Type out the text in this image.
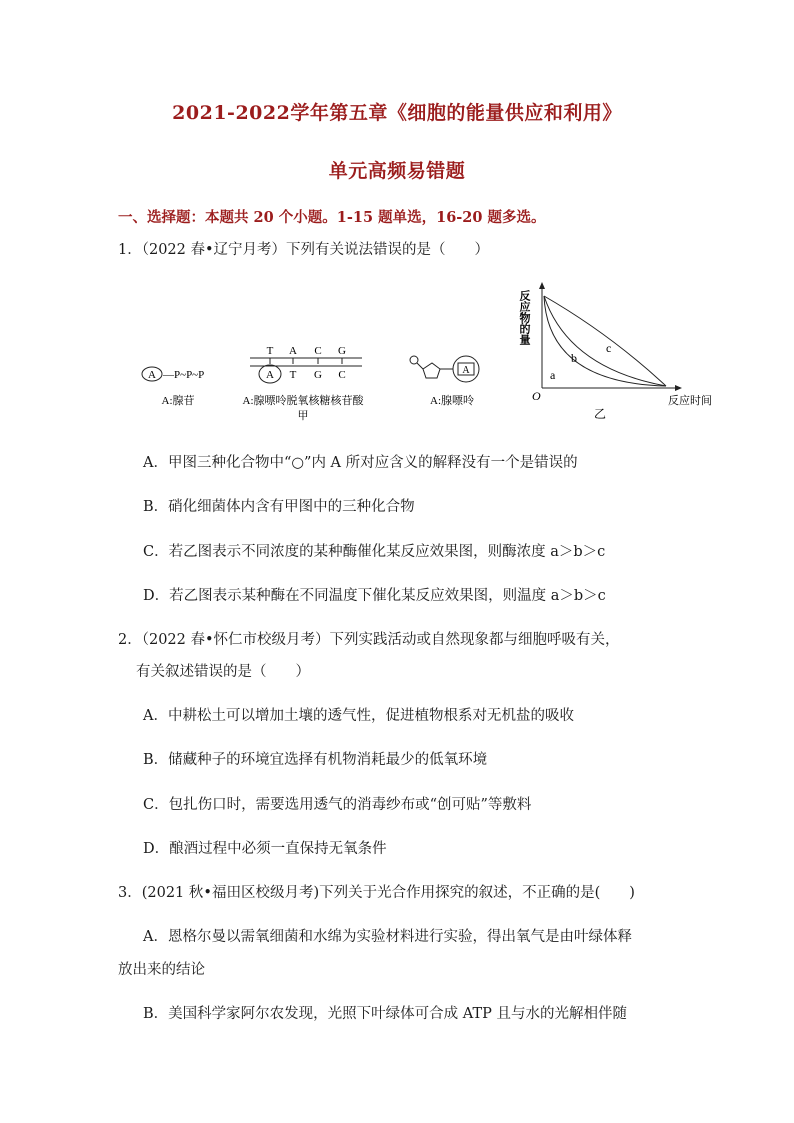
2021-2022学年第五章《细胞的能量供应和利用》
单元高频易错题
一、选择题：本题共 20 个小题。1-15 题单选，16-20 题多选。
1．（2022 春•辽宁月考）下列有关说法错误的是（　　）
A —P~P~P
A:腺苷
T A C G
A T G C
A:腺嘌呤脱氧核糖核苷酸
甲
A
A:腺嘌呤
反应物的量
O	反应时间
乙
a
b
c
A．甲图三种化合物中“○”内 A 所对应含义的解释没有一个是错误的
B．硝化细菌体内含有甲图中的三种化合物
C．若乙图表示不同浓度的某种酶催化某反应效果图，则酶浓度 a＞b＞c
D．若乙图表示某种酶在不同温度下催化某反应效果图，则温度 a＞b＞c
2．（2022 春•怀仁市校级月考）下列实践活动或自然现象都与细胞呼吸有关，
有关叙述错误的是（　　）
A．中耕松土可以增加土壤的透气性，促进植物根系对无机盐的吸收
B．储藏种子的环境宜选择有机物消耗最少的低氧环境
C．包扎伤口时，需要选用透气的消毒纱布或“创可贴”等敷料
D．酿酒过程中必须一直保持无氧条件
3．(2021 秋•福田区校级月考)下列关于光合作用探究的叙述，不正确的是(　　)
A．恩格尔曼以需氧细菌和水绵为实验材料进行实验，得出氧气是由叶绿体释
放出来的结论
B．美国科学家阿尔农发现，光照下叶绿体可合成 ATP 且与水的光解相伴随
